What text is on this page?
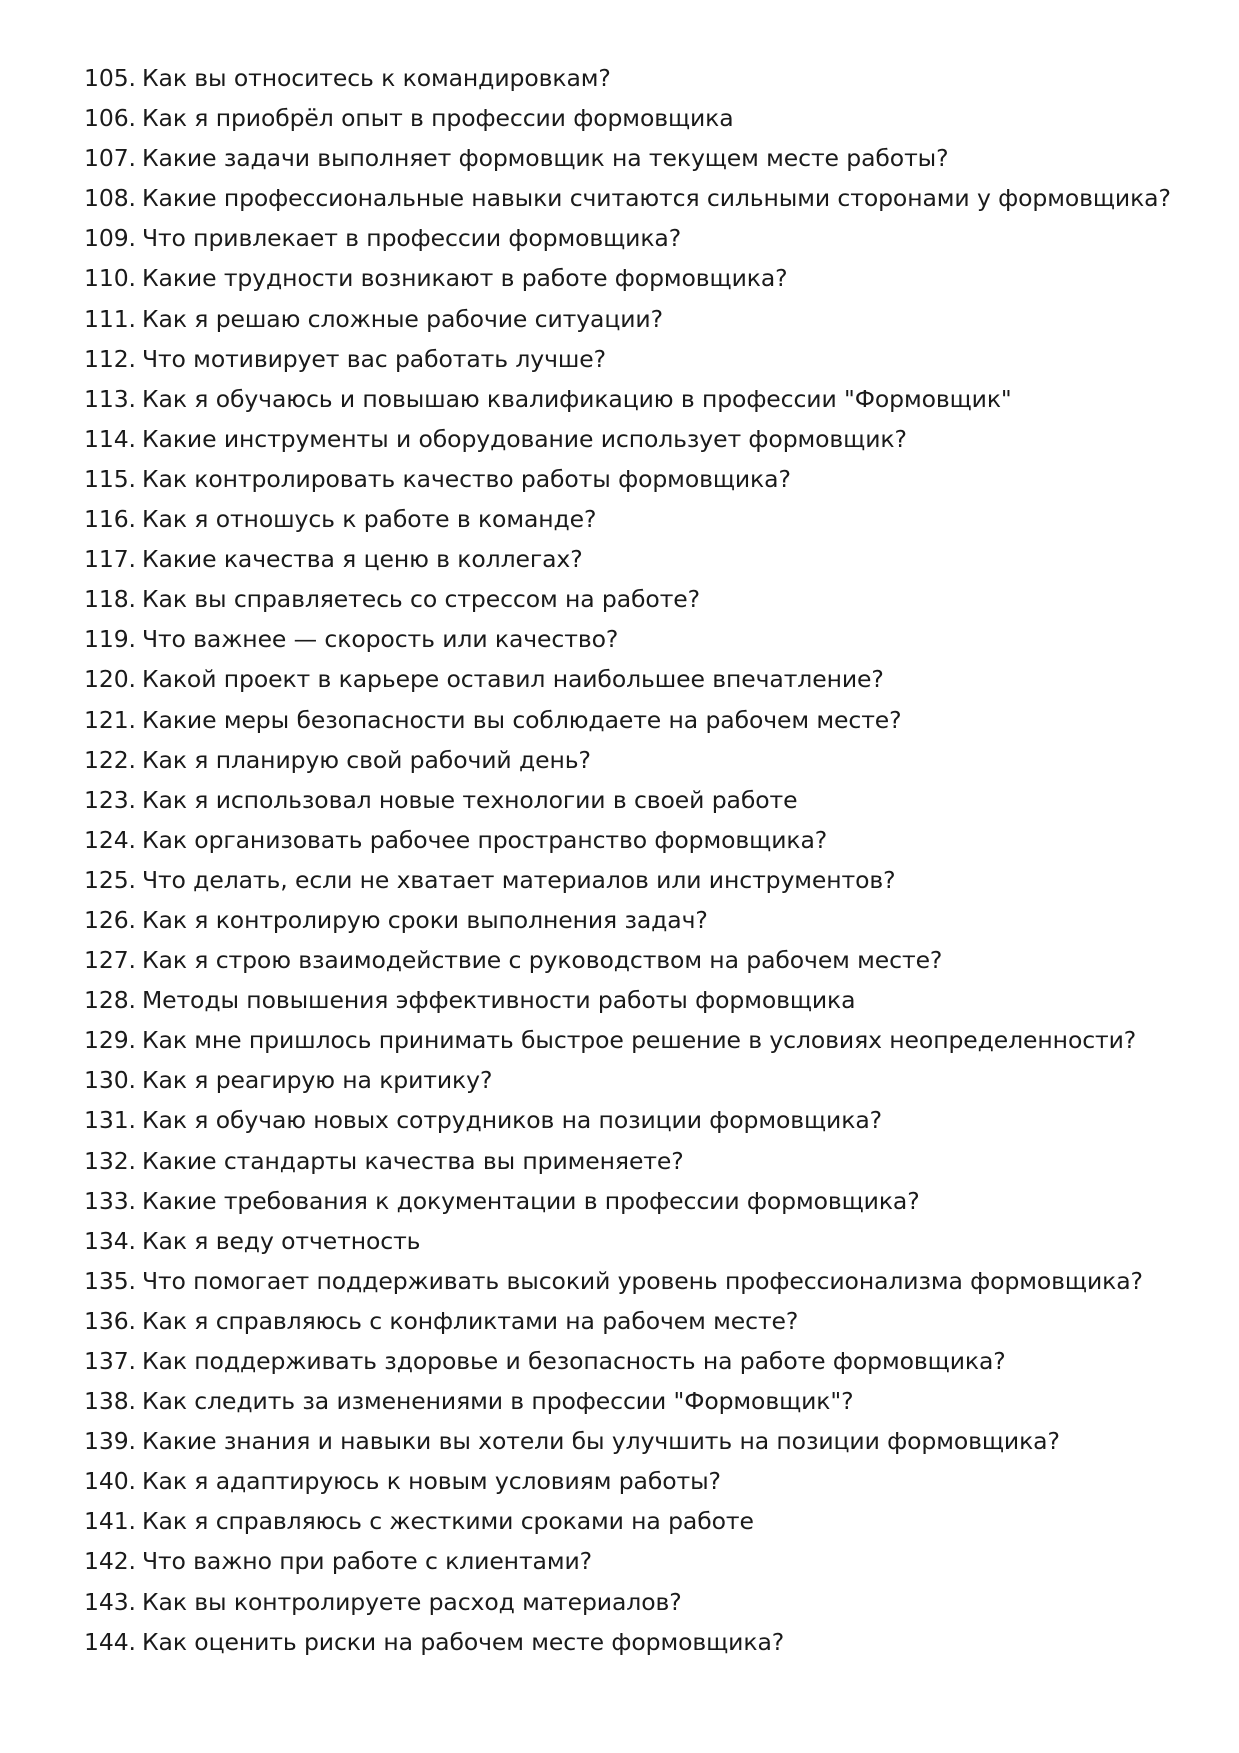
105. Как вы относитесь к командировкам?
106. Как я приобрёл опыт в профессии формовщика
107. Какие задачи выполняет формовщик на текущем месте работы?
108. Какие профессиональные навыки считаются сильными сторонами у формовщика?
109. Что привлекает в профессии формовщика?
110. Какие трудности возникают в работе формовщика?
111. Как я решаю сложные рабочие ситуации?
112. Что мотивирует вас работать лучше?
113. Как я обучаюсь и повышаю квалификацию в профессии "Формовщик"
114. Какие инструменты и оборудование использует формовщик?
115. Как контролировать качество работы формовщика?
116. Как я отношусь к работе в команде?
117. Какие качества я ценю в коллегах?
118. Как вы справляетесь со стрессом на работе?
119. Что важнее — скорость или качество?
120. Какой проект в карьере оставил наибольшее впечатление?
121. Какие меры безопасности вы соблюдаете на рабочем месте?
122. Как я планирую свой рабочий день?
123. Как я использовал новые технологии в своей работе
124. Как организовать рабочее пространство формовщика?
125. Что делать, если не хватает материалов или инструментов?
126. Как я контролирую сроки выполнения задач?
127. Как я строю взаимодействие с руководством на рабочем месте?
128. Методы повышения эффективности работы формовщика
129. Как мне пришлось принимать быстрое решение в условиях неопределенности?
130. Как я реагирую на критику?
131. Как я обучаю новых сотрудников на позиции формовщика?
132. Какие стандарты качества вы применяете?
133. Какие требования к документации в профессии формовщика?
134. Как я веду отчетность
135. Что помогает поддерживать высокий уровень профессионализма формовщика?
136. Как я справляюсь с конфликтами на рабочем месте?
137. Как поддерживать здоровье и безопасность на работе формовщика?
138. Как следить за изменениями в профессии "Формовщик"?
139. Какие знания и навыки вы хотели бы улучшить на позиции формовщика?
140. Как я адаптируюсь к новым условиям работы?
141. Как я справляюсь с жесткими сроками на работе
142. Что важно при работе с клиентами?
143. Как вы контролируете расход материалов?
144. Как оценить риски на рабочем месте формовщика?
